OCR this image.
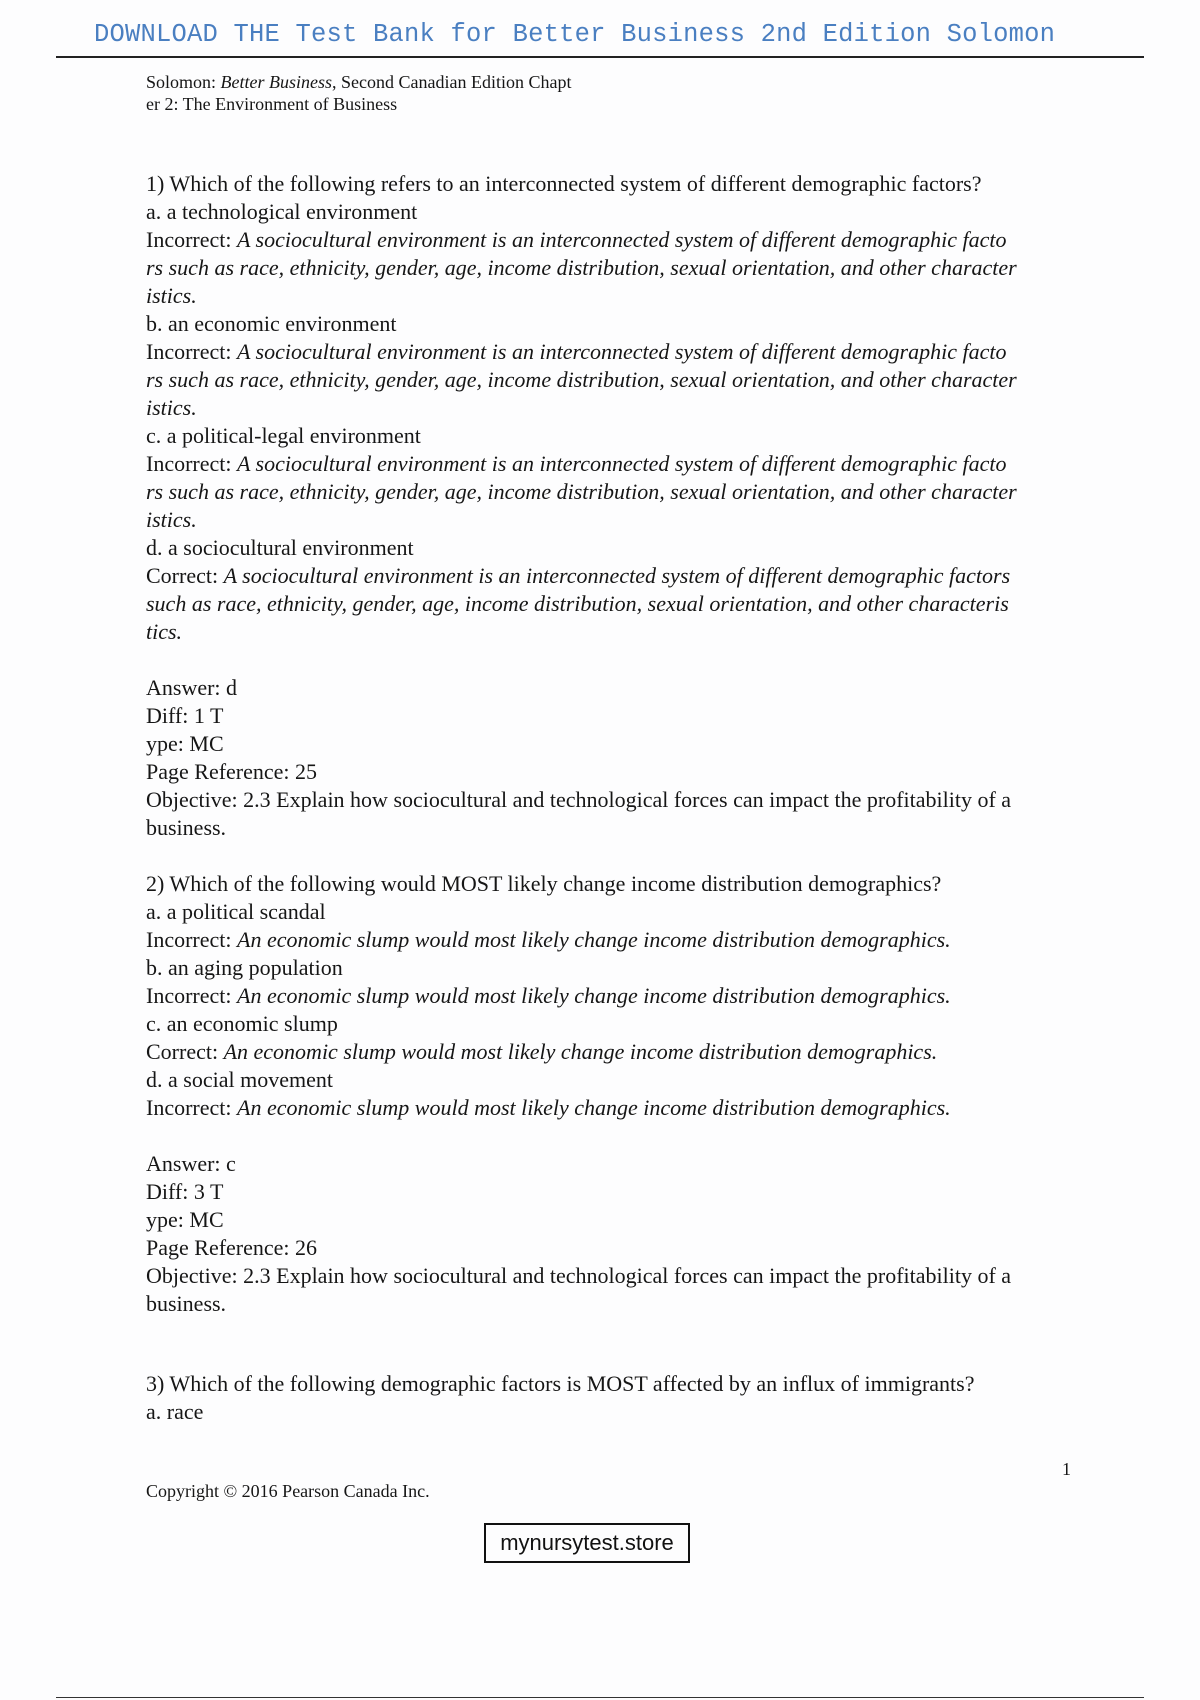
DOWNLOAD THE Test Bank for Better Business 2nd Edition Solomon
Solomon: Better Business, Second Canadian Edition Chapt
er 2: The Environment of Business
1) Which of the following refers to an interconnected system of different demographic factors?
a. a technological environment
Incorrect: A sociocultural environment is an interconnected system of different demographic facto
rs such as race, ethnicity, gender, age, income distribution, sexual orientation, and other character
istics.
b. an economic environment
Incorrect: A sociocultural environment is an interconnected system of different demographic facto
rs such as race, ethnicity, gender, age, income distribution, sexual orientation, and other character
istics.
c. a political-legal environment
Incorrect: A sociocultural environment is an interconnected system of different demographic facto
rs such as race, ethnicity, gender, age, income distribution, sexual orientation, and other character
istics.
d. a sociocultural environment
Correct: A sociocultural environment is an interconnected system of different demographic factors
such as race, ethnicity, gender, age, income distribution, sexual orientation, and other characteris
tics.
Answer: d
Diff: 1 T
ype: MC
Page Reference: 25
Objective: 2.3 Explain how sociocultural and technological forces can impact the profitability of a
business.
2) Which of the following would MOST likely change income distribution demographics?
a. a political scandal
Incorrect: An economic slump would most likely change income distribution demographics.
b. an aging population
Incorrect: An economic slump would most likely change income distribution demographics.
c. an economic slump
Correct: An economic slump would most likely change income distribution demographics.
d. a social movement
Incorrect: An economic slump would most likely change income distribution demographics.
Answer: c
Diff: 3 T
ype: MC
Page Reference: 26
Objective: 2.3 Explain how sociocultural and technological forces can impact the profitability of a
business.
3) Which of the following demographic factors is MOST affected by an influx of immigrants?
a. race
1
Copyright © 2016 Pearson Canada Inc.
mynursytest.store
